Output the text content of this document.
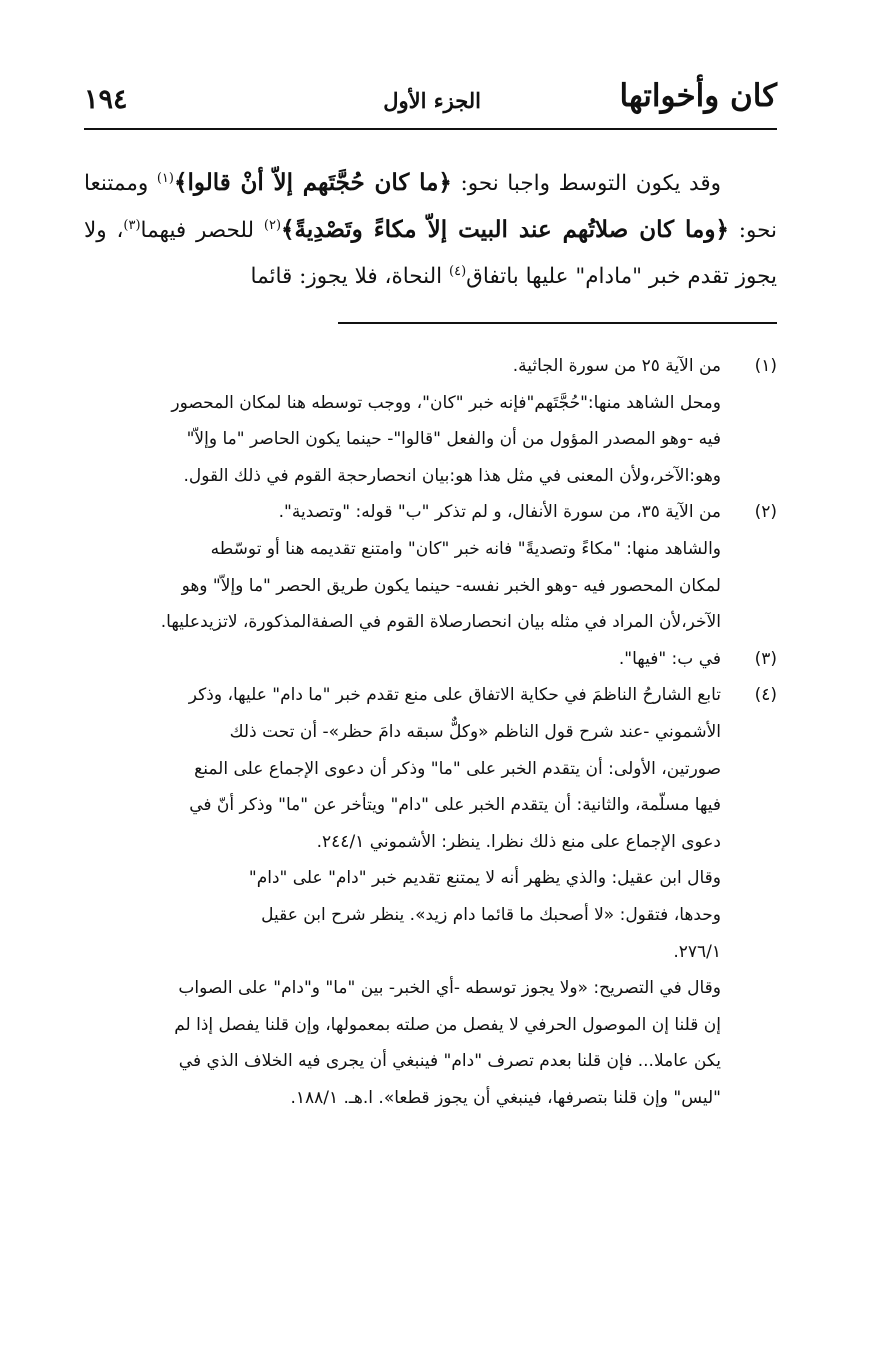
كان وأخواتها
الجزء الأول
١٩٤

وقد يكون التوسط واجبا نحو: ﴿ما كان حُجَّتَهم إلاّ أنْ قالوا﴾$^{(١)}$ وممتنعا نحو: ﴿وما كان صلاتُهم عند البيت إلاّ مكاءً وتَصْدِيةً﴾$^{(٢)}$ للحصر فيهما$^{(٣)}$، ولا يجوز تقدم خبر "مادام" عليها باتفاق$^{(٤)}$ النحاة، فلا يجوز: قائما

(١)
من الآية ٢٥ من سورة الجاثية.
ومحل الشاهد منها:"حُجَّتَهم"فإنه خبر "كان"، ووجب توسطه هنا لمكان المحصور
فيه -وهو المصدر المؤول من أن والفعل "قالوا"- حينما يكون الحاصر "ما وإلاّ"
وهو:الآخر،ولأن المعنى في مثل هذا هو:بيان انحصارحجة القوم في ذلك القول.
(٢)
من الآية ٣٥، من سورة الأنفال، و لم تذكر "ب" قوله: "وتصدية".
والشاهد منها: "مكاءً وتصديةً" فانه خبر "كان" وامتنع تقديمه هنا أو توسّطه
لمكان المحصور فيه -وهو الخبر نفسه- حينما يكون طريق الحصر "ما وإلاّ" وهو
الآخر،لأن المراد في مثله بيان انحصارصلاة القوم في الصفةالمذكورة، لاتزيدعليها.
(٣)
في ب: "فيها".
(٤)
تابع الشارحُ الناظمَ في حكاية الاتفاق على منع تقدم خبر "ما دام" عليها، وذكر
الأشموني -عند شرح قول الناظم «وكلٌّ سبقه دامَ حظر»- أن تحت ذلك
صورتين، الأولى: أن يتقدم الخبر على "ما" وذكر أن دعوى الإجماع على المنع
فيها مسلّمة، والثانية: أن يتقدم الخبر على "دام" ويتأخر عن "ما" وذكر أنّ في
دعوى الإجماع على منع ذلك نظرا. ينظر: الأشموني ٢٤٤/١.
وقال ابن عقيل: والذي يظهر أنه لا يمتنع تقديم خبر "دام" على "دام"
وحدها، فتقول: «لا أصحبك ما قائما دام زيد». ينظر شرح ابن عقيل
٢٧٦/١.
وقال في التصريح: «ولا يجوز توسطه -أي الخبر- بين "ما" و"دام" على الصواب
إن قلنا إن الموصول الحرفي لا يفصل من صلته بمعمولها، وإن قلنا يفصل إذا لم
يكن عاملا... فإن قلنا بعدم تصرف "دام" فينبغي أن يجرى فيه الخلاف الذي في
"ليس" وإن قلنا بتصرفها، فينبغي أن يجوز قطعا». ا.هـ. ١٨٨/١.
